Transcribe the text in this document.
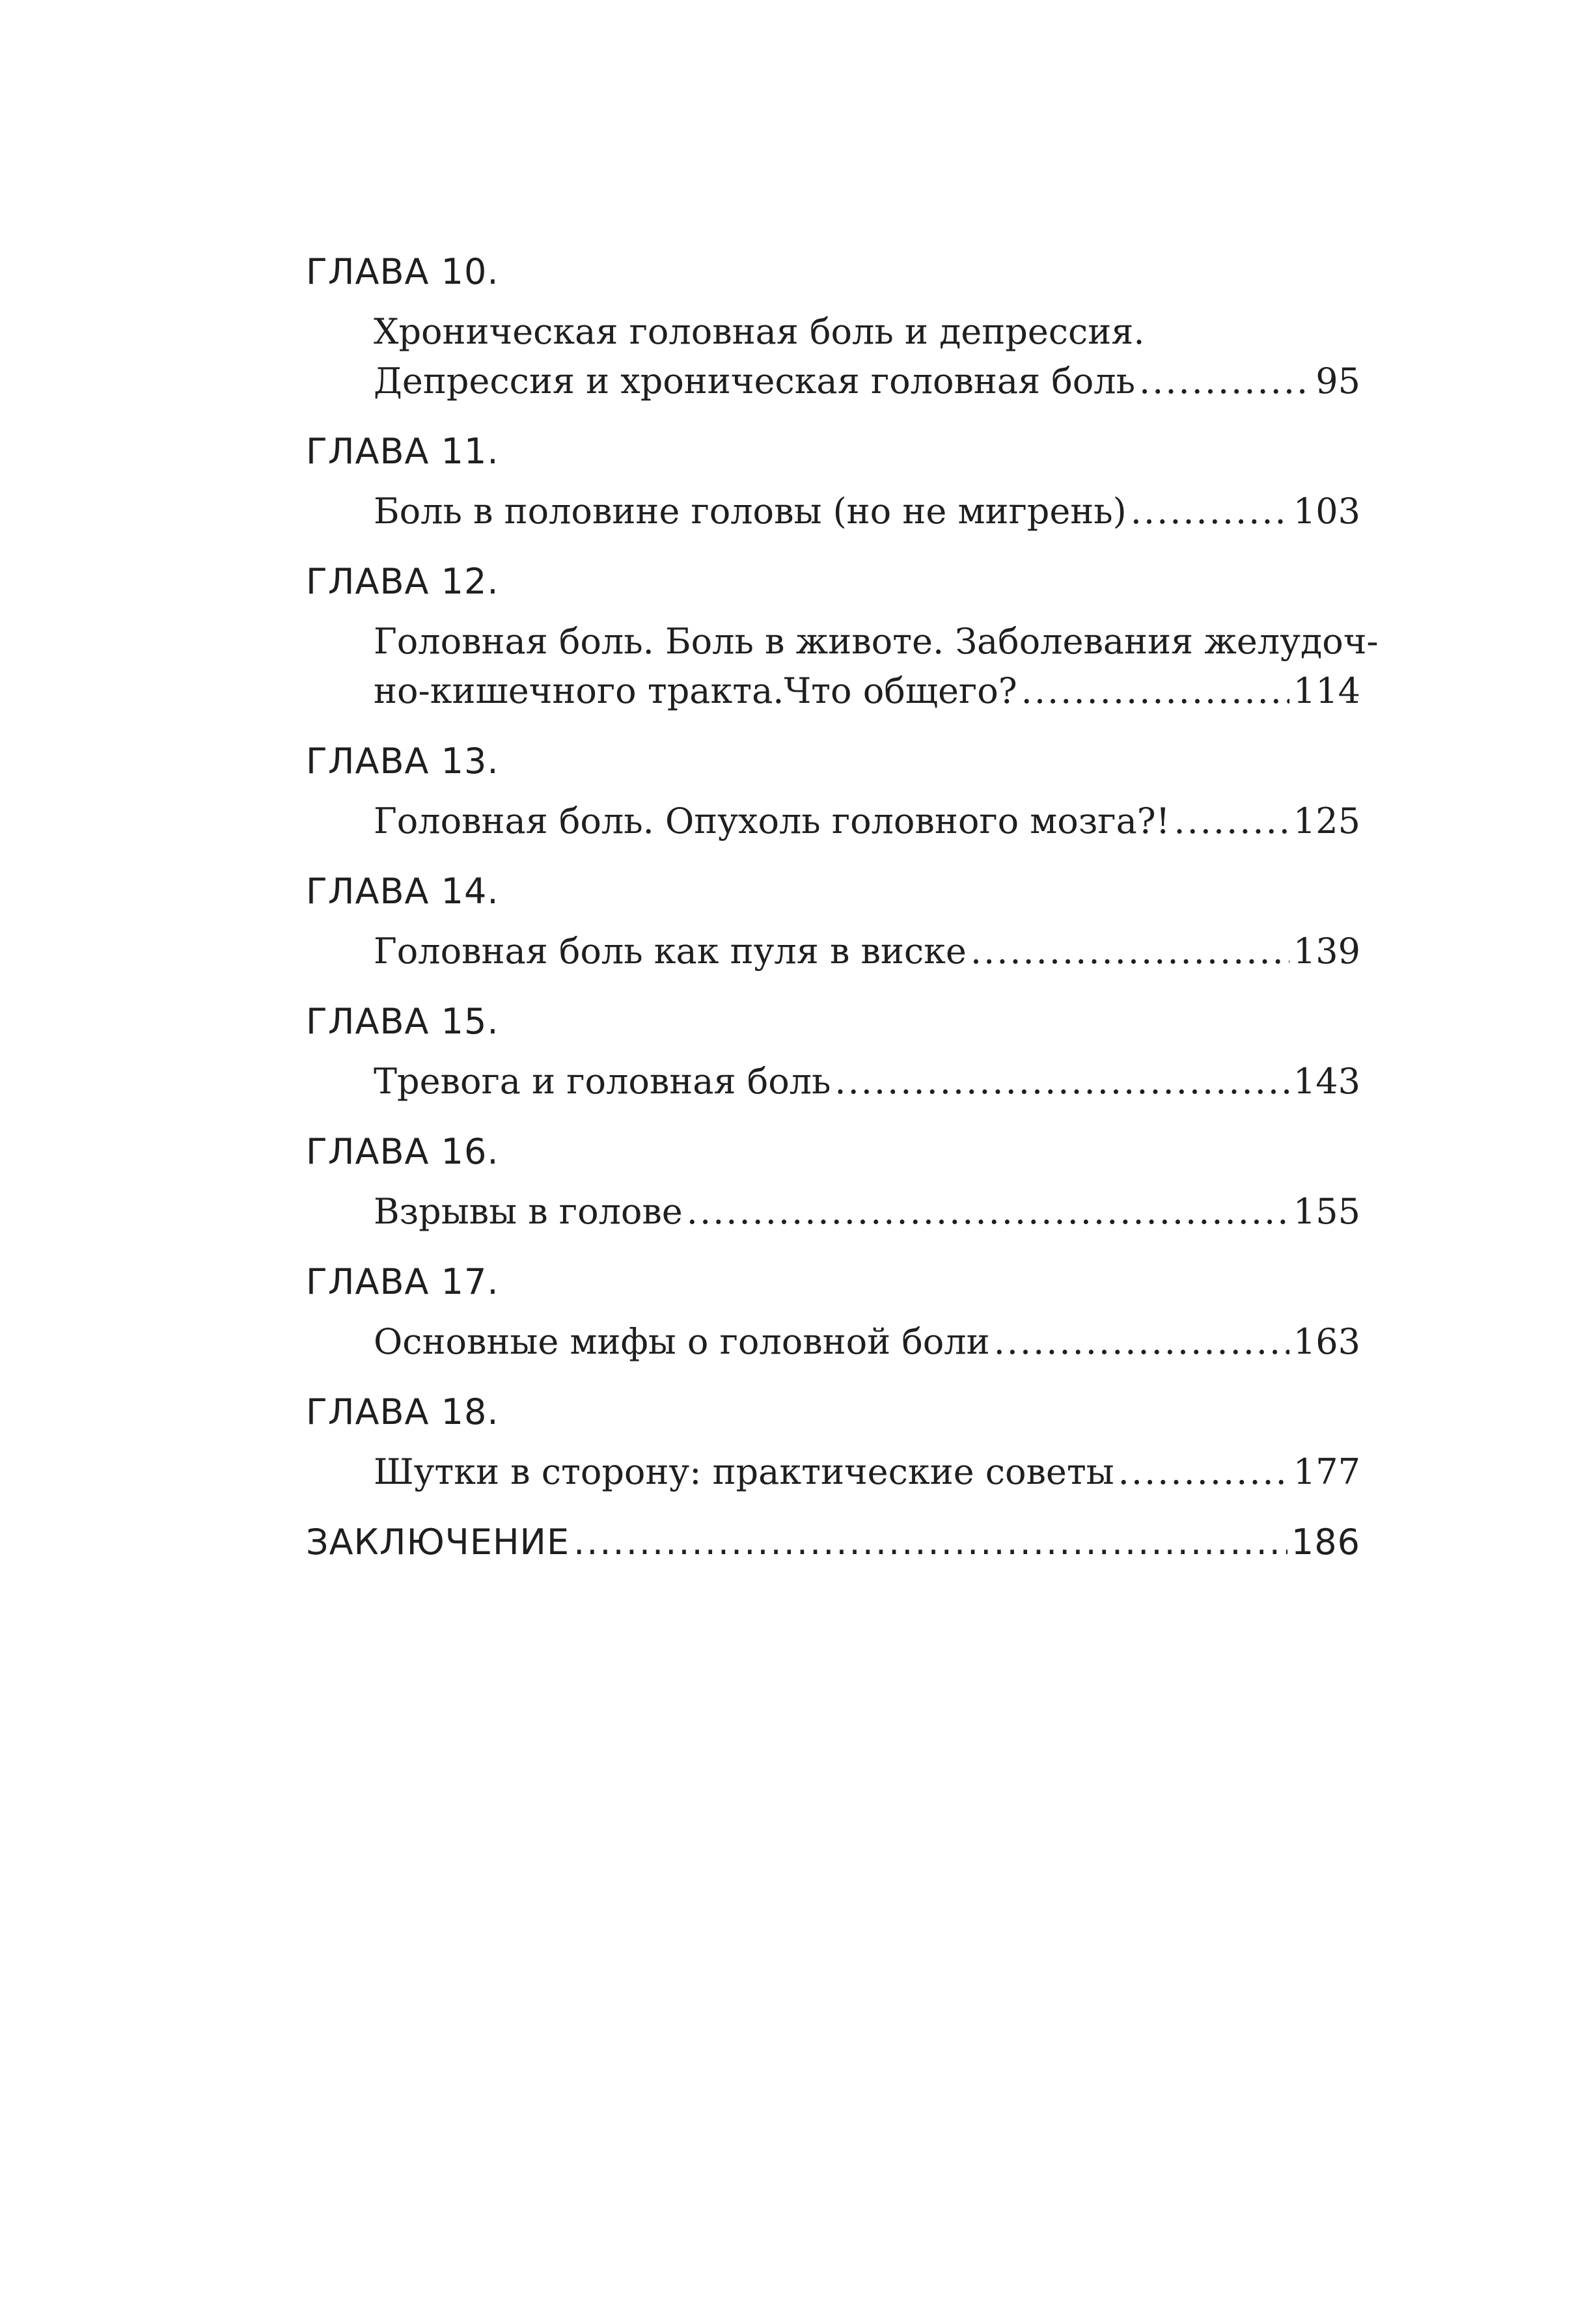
ГЛАВА 10.
Хроническая головная боль и депрессия.
Депрессия и хроническая головная боль .....	95
ГЛАВА 11.
Боль в половине головы (но не мигрень) .....	103
ГЛАВА 12.
Головная боль. Боль в животе. Заболевания желудоч-
но-кишечного тракта.Что общего? .....	114
ГЛАВА 13.
Головная боль. Опухоль головного мозга?! .....	125
ГЛАВА 14.
Головная боль как пуля в виске .....	139
ГЛАВА 15.
Тревога и головная боль .....	143
ГЛАВА 16.
Взрывы в голове .....	155
ГЛАВА 17.
Основные мифы о головной боли .....	163
ГЛАВА 18.
Шутки в сторону: практические советы .....	177
ЗАКЛЮЧЕНИЕ .....	186
